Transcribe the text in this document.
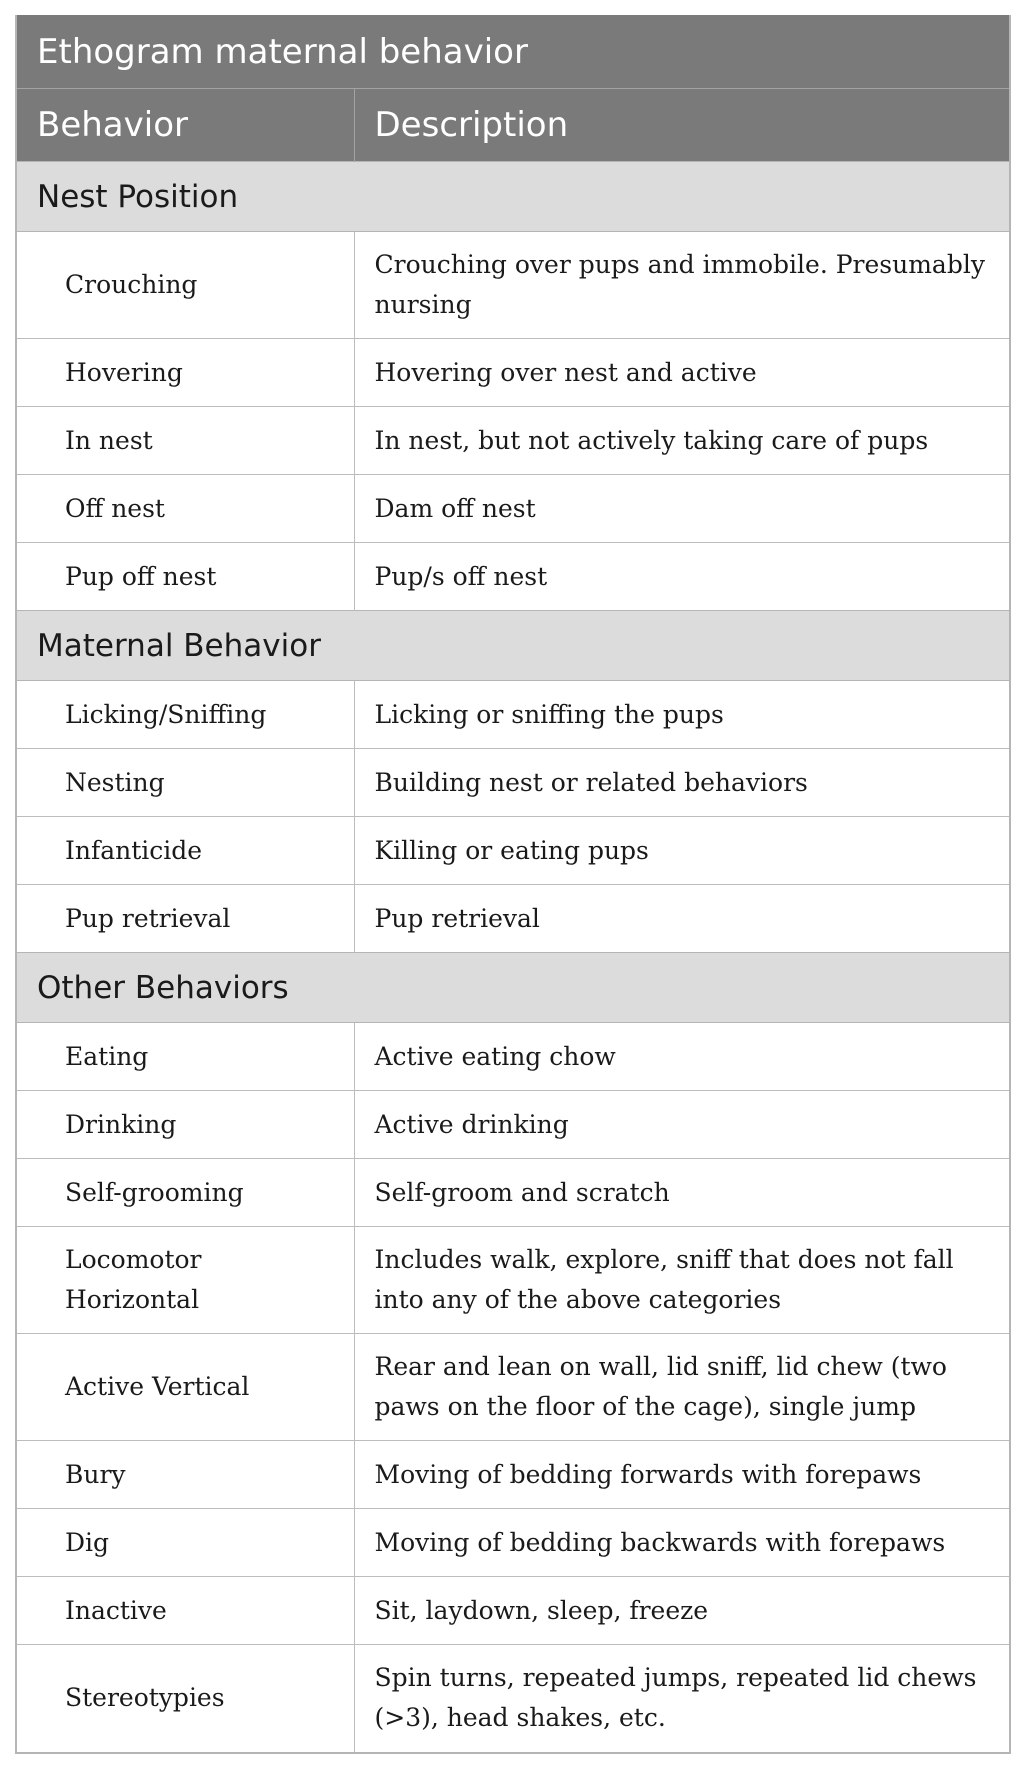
Ethogram maternal behavior	
Behavior	Description
Nest Position	
Crouching	Crouching over pups and immobile. Presumably nursing
Hovering	Hovering over nest and active
In nest	In nest, but not actively taking care of pups
Off nest	Dam off nest
Pup off nest	Pup/s off nest
Maternal Behavior	
Licking/Sniffing	Licking or sniffing the pups
Nesting	Building nest or related behaviors
Infanticide	Killing or eating pups
Pup retrieval	Pup retrieval
Other Behaviors	
Eating	Active eating chow
Drinking	Active drinking
Self-grooming	Self-groom and scratch
Locomotor Horizontal	Includes walk, explore, sniff that does not fall into any of the above categories
Active Vertical	Rear and lean on wall, lid sniff, lid chew (two paws on the floor of the cage), single jump
Bury	Moving of bedding forwards with forepaws
Dig	Moving of bedding backwards with forepaws
Inactive	Sit, laydown, sleep, freeze
Stereotypies	Spin turns, repeated jumps, repeated lid chews (>3), head shakes, etc.
